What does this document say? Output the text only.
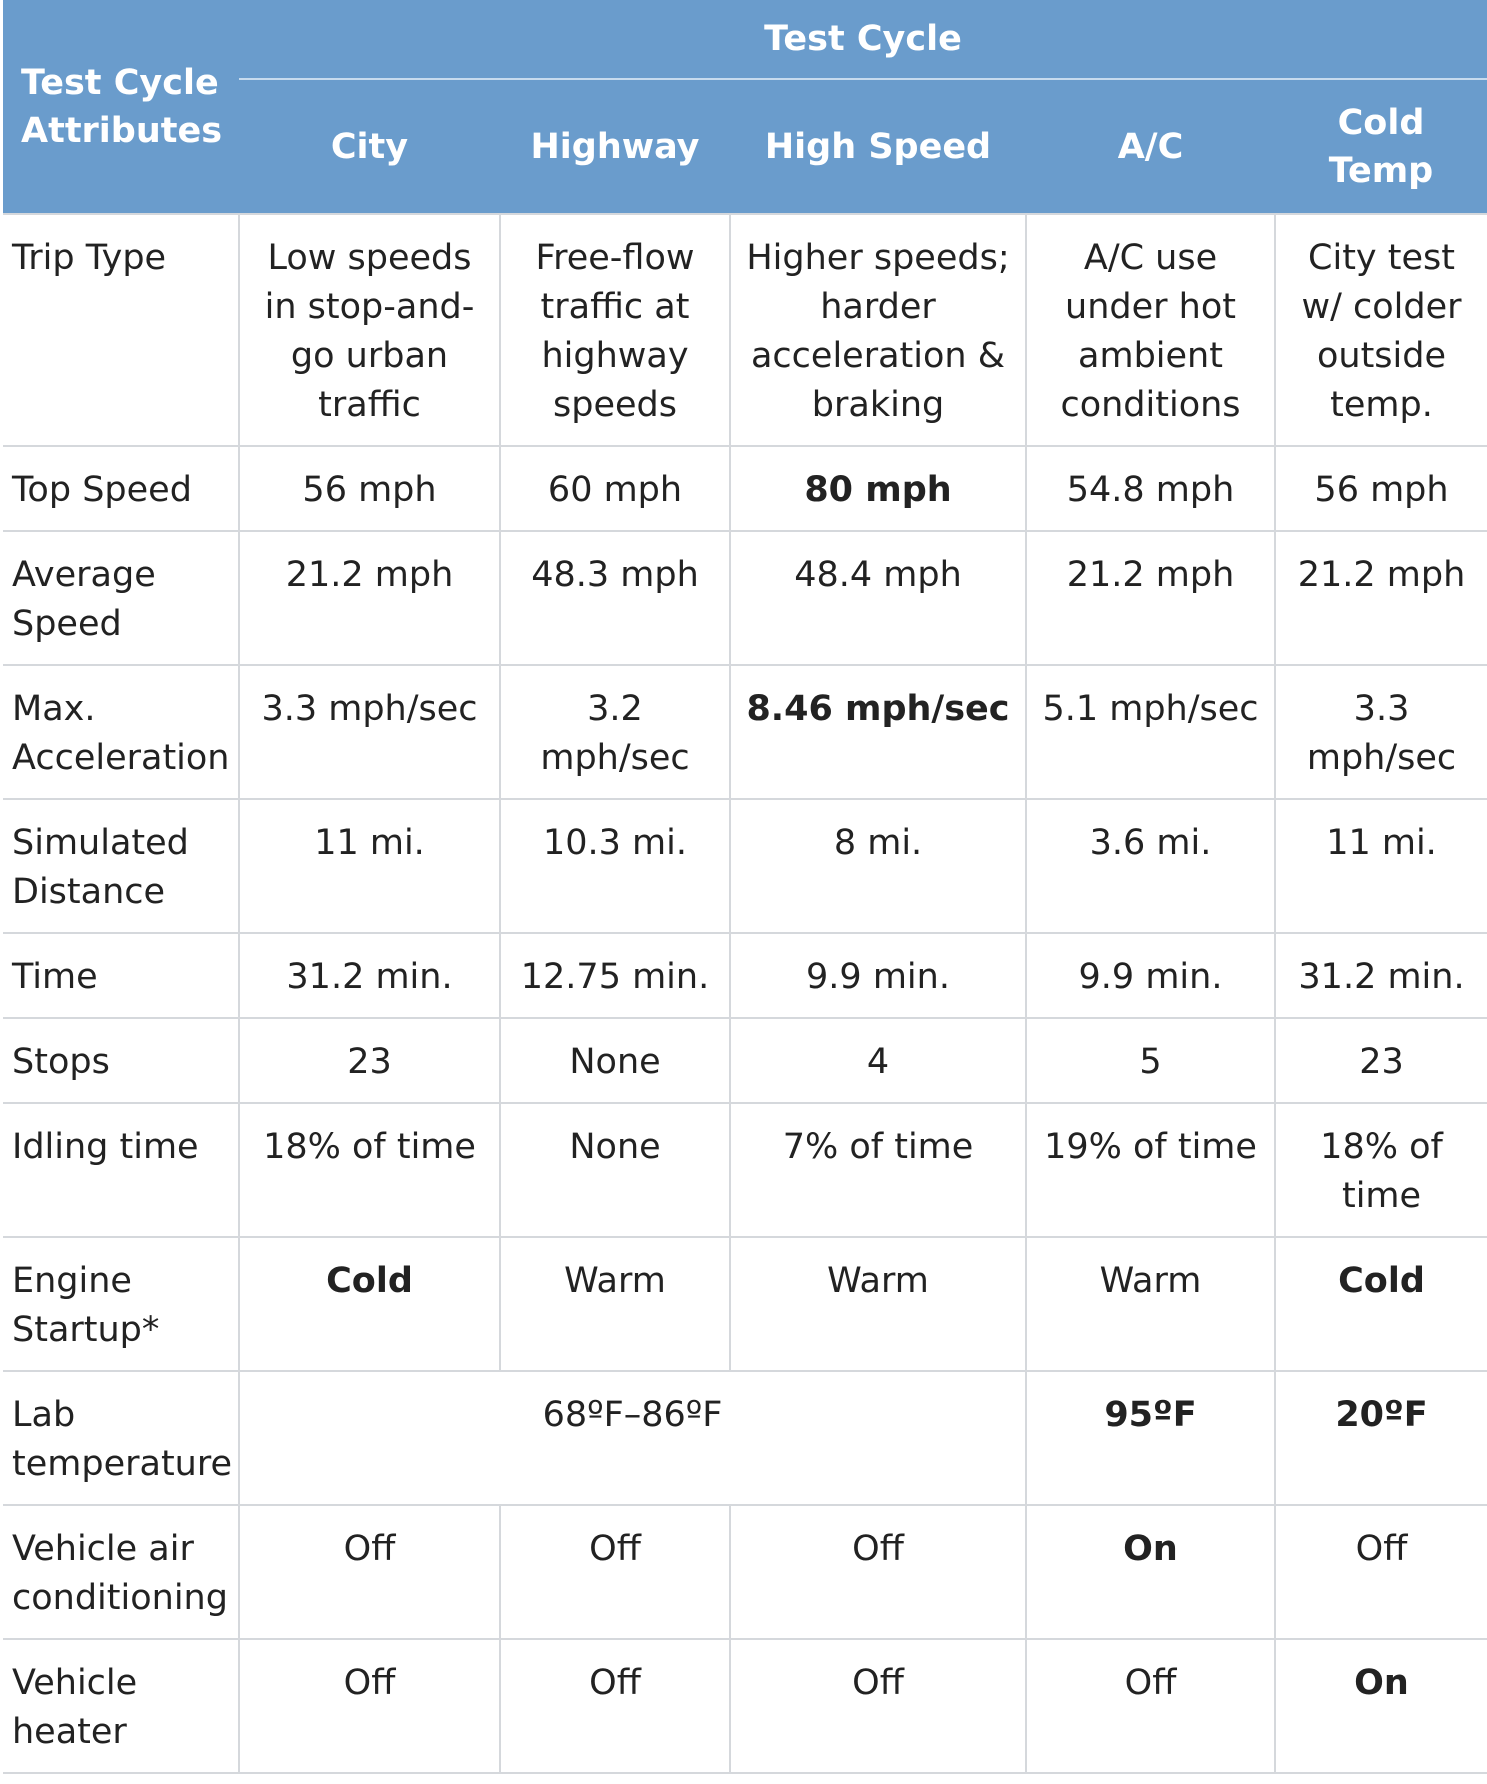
Test Cycle Attributes	Test Cycle				
	City	Highway	High Speed	A/C	Cold Temp
Trip Type	Low speeds in stop-and-go urban traffic	Free-flow traffic at highway speeds	Higher speeds; harder acceleration & braking	A/C use under hot ambient conditions	City test w/ colder outside temp.
Top Speed	56 mph	60 mph	80 mph	54.8 mph	56 mph
Average Speed	21.2 mph	48.3 mph	48.4 mph	21.2 mph	21.2 mph
Max. Acceleration	3.3 mph/sec	3.2 mph/sec	8.46 mph/sec	5.1 mph/sec	3.3 mph/sec
Simulated Distance	11 mi.	10.3 mi.	8 mi.	3.6 mi.	11 mi.
Time	31.2 min.	12.75 min.	9.9 min.	9.9 min.	31.2 min.
Stops	23	None	4	5	23
Idling time	18% of time	None	7% of time	19% of time	18% of time
Engine Startup*	Cold	Warm	Warm	Warm	Cold
Lab temperature	68ºF–86ºF			95ºF	20ºF
Vehicle air conditioning	Off	Off	Off	On	Off
Vehicle heater	Off	Off	Off	Off	On
